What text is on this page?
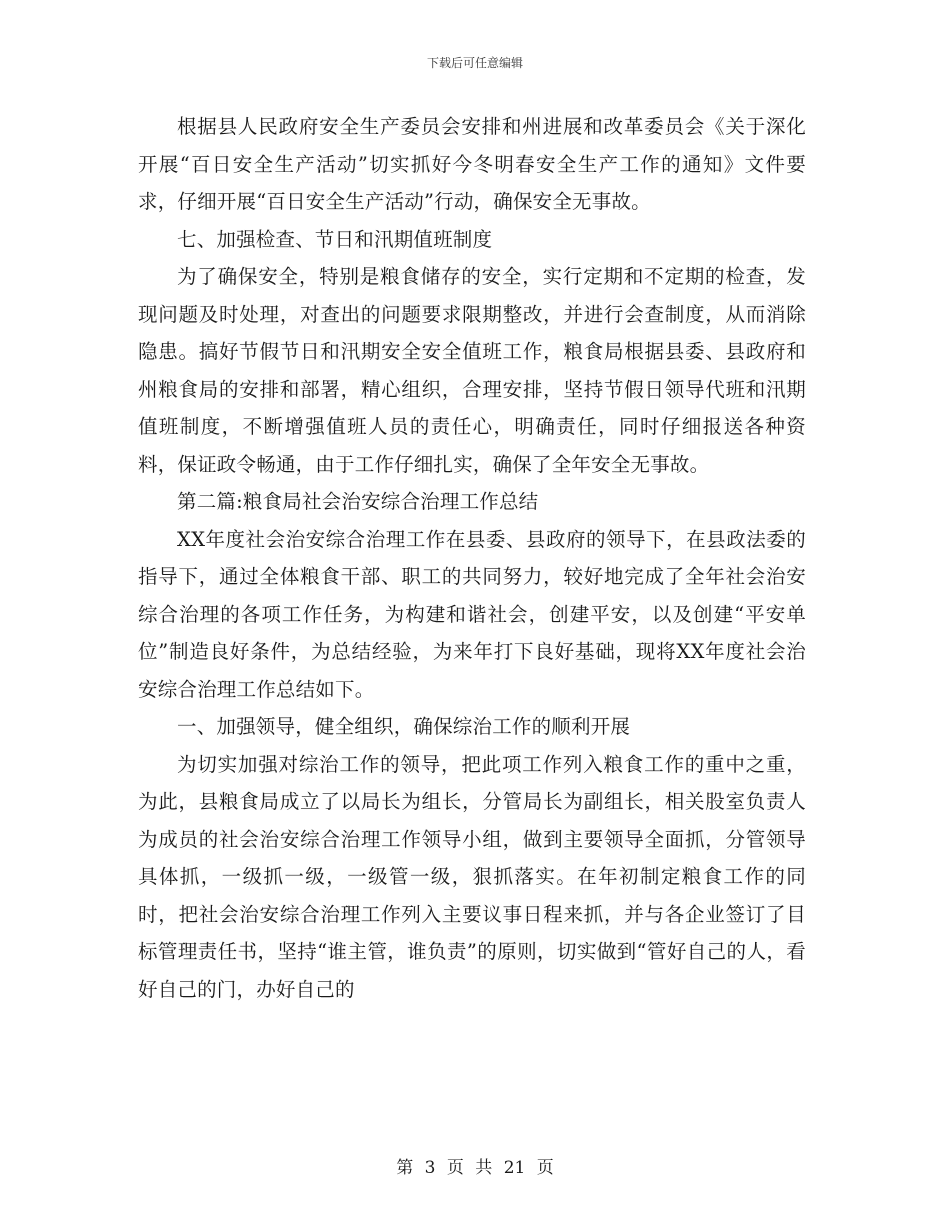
下载后可任意编辑

根据县人民政府安全生产委员会安排和州进展和改革委员会《关于深化开展“百日安全生产活动”切实抓好今冬明春安全生产工作的通知》文件要求，仔细开展“百日安全生产活动”行动，确保安全无事故。

七、加强检查、节日和汛期值班制度

为了确保安全，特别是粮食储存的安全，实行定期和不定期的检查，发现问题及时处理，对查出的问题要求限期整改，并进行会查制度，从而消除隐患。搞好节假节日和汛期安全安全值班工作，粮食局根据县委、县政府和州粮食局的安排和部署，精心组织，合理安排，坚持节假日领导代班和汛期值班制度，不断增强值班人员的责任心，明确责任，同时仔细报送各种资料，保证政令畅通，由于工作仔细扎实，确保了全年安全无事故。

第二篇:粮食局社会治安综合治理工作总结

XX年度社会治安综合治理工作在县委、县政府的领导下，在县政法委的指导下，通过全体粮食干部、职工的共同努力，较好地完成了全年社会治安综合治理的各项工作任务，为构建和谐社会，创建平安，以及创建“平安单位”制造良好条件，为总结经验，为来年打下良好基础，现将XX年度社会治安综合治理工作总结如下。

一、加强领导，健全组织，确保综治工作的顺利开展

为切实加强对综治工作的领导，把此项工作列入粮食工作的重中之重，为此，县粮食局成立了以局长为组长，分管局长为副组长，相关股室负责人为成员的社会治安综合治理工作领导小组，做到主要领导全面抓，分管领导具体抓，一级抓一级，一级管一级，狠抓落实。在年初制定粮食工作的同时，把社会治安综合治理工作列入主要议事日程来抓，并与各企业签订了目标管理责任书，坚持“谁主管，谁负责”的原则，切实做到“管好自己的人，看好自己的门，办好自己的

第 3 页 共 21 页
